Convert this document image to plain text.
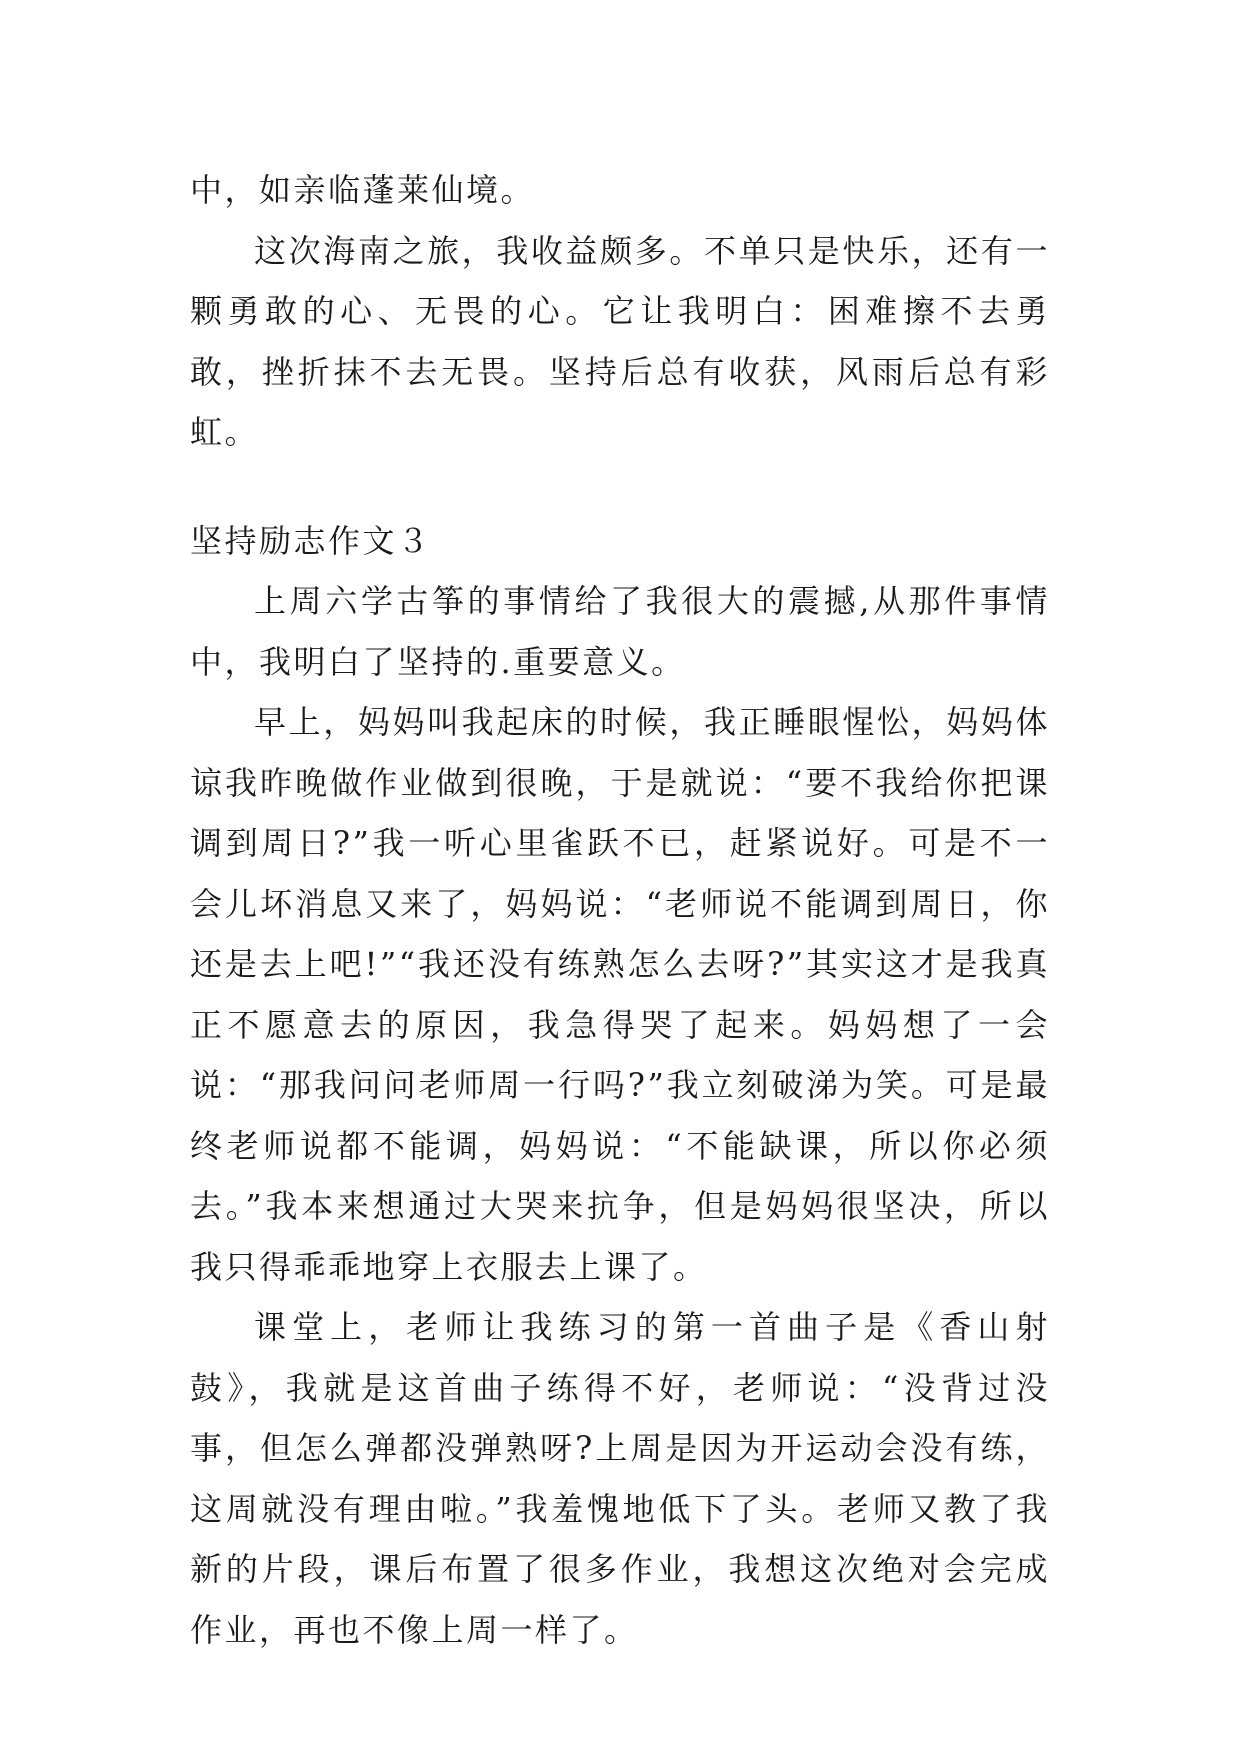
中，如亲临蓬莱仙境。

这次海南之旅，我收益颇多。不单只是快乐，还有一颗勇敢的心、无畏的心。它让我明白：困难擦不去勇敢，挫折抹不去无畏。坚持后总有收获，风雨后总有彩虹。

坚持励志作文３

上周六学古筝的事情给了我很大的震撼,从那件事情中，我明白了坚持的.重要意义。

早上，妈妈叫我起床的时候，我正睡眼惺忪，妈妈体谅我昨晚做作业做到很晚，于是就说：“要不我给你把课调到周日?”我一听心里雀跃不已，赶紧说好。可是不一会儿坏消息又来了，妈妈说：“老师说不能调到周日，你还是去上吧!”“我还没有练熟怎么去呀?”其实这才是我真正不愿意去的原因，我急得哭了起来。妈妈想了一会说：“那我问问老师周一行吗?”我立刻破涕为笑。可是最终老师说都不能调，妈妈说：“不能缺课，所以你必须去。”我本来想通过大哭来抗争，但是妈妈很坚决，所以我只得乖乖地穿上衣服去上课了。

课堂上，老师让我练习的第一首曲子是《香山射鼓》，我就是这首曲子练得不好，老师说：“没背过没事，但怎么弹都没弹熟呀?上周是因为开运动会没有练，这周就没有理由啦。”我羞愧地低下了头。老师又教了我新的片段，课后布置了很多作业，我想这次绝对会完成作业，再也不像上周一样了。
